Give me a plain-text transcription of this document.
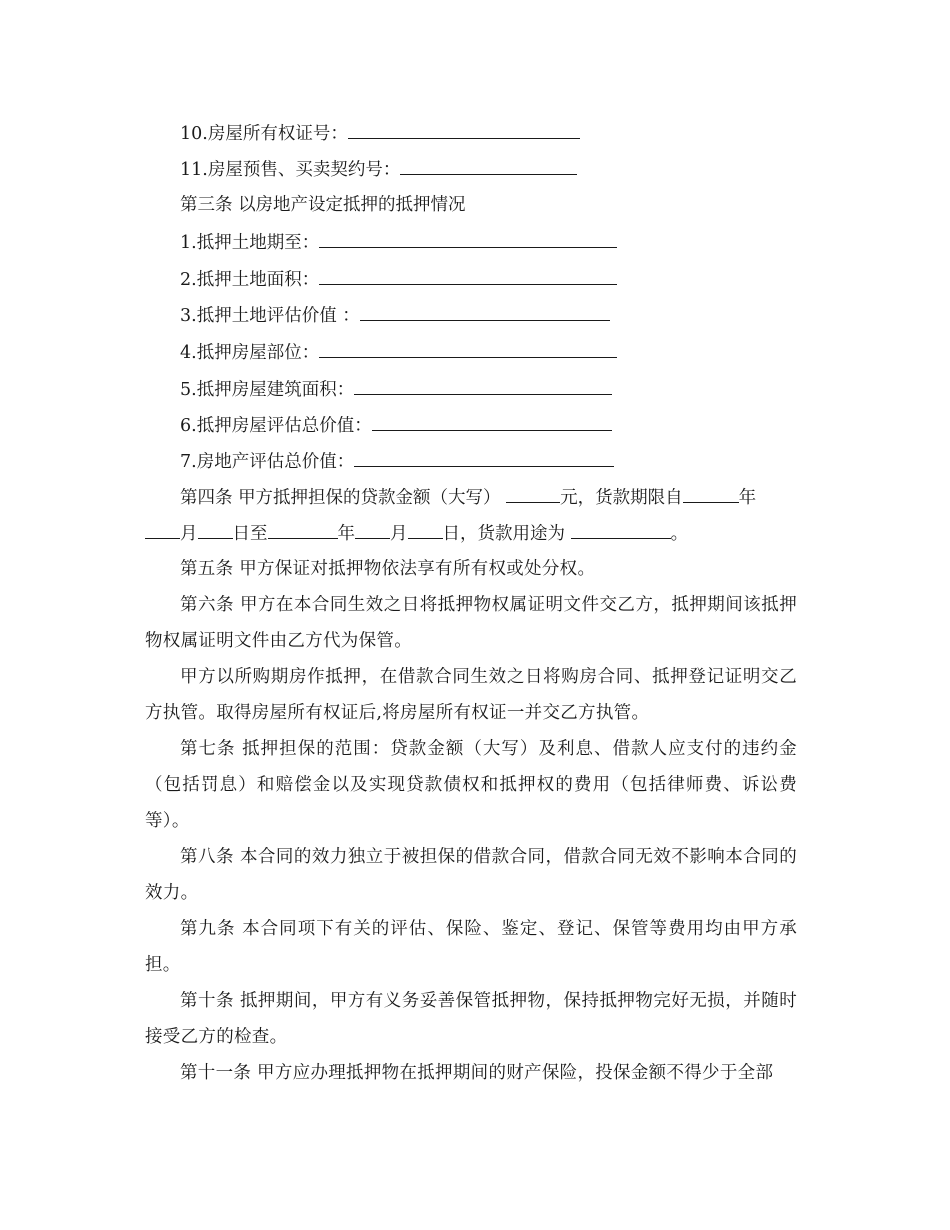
10.房屋所有权证号：
11.房屋预售、买卖契约号：
第三条 以房地产设定抵押的抵押情况
1.抵押土地期至：
2.抵押土地面积：
3.抵押土地评估价值 ：
4.抵押房屋部位：
5.抵押房屋建筑面积：
6.抵押房屋评估总价值：
7.房地产评估总价值：
第四条 甲方抵押担保的贷款金额（大写）	元，货款期限自	年
月 日至	年 月 日，货款用途为	。
第五条 甲方保证对抵押物依法享有所有权或处分权。
第六条 甲方在本合同生效之日将抵押物权属证明文件交乙方，抵押期间该抵押物权属证明文件由乙方代为保管。
甲方以所购期房作抵押，在借款合同生效之日将购房合同、抵押登记证明交乙方执管。取得房屋所有权证后,将房屋所有权证一并交乙方执管。
第七条 抵押担保的范围：贷款金额（大写）及利息、借款人应支付的违约金（包括罚息）和赔偿金以及实现贷款债权和抵押权的费用（包括律师费、诉讼费等）。
第八条 本合同的效力独立于被担保的借款合同，借款合同无效不影响本合同的效力。
第九条 本合同项下有关的评估、保险、鉴定、登记、保管等费用均由甲方承担。
第十条 抵押期间，甲方有义务妥善保管抵押物，保持抵押物完好无损，并随时接受乙方的检查。
第十一条 甲方应办理抵押物在抵押期间的财产保险，投保金额不得少于全部
